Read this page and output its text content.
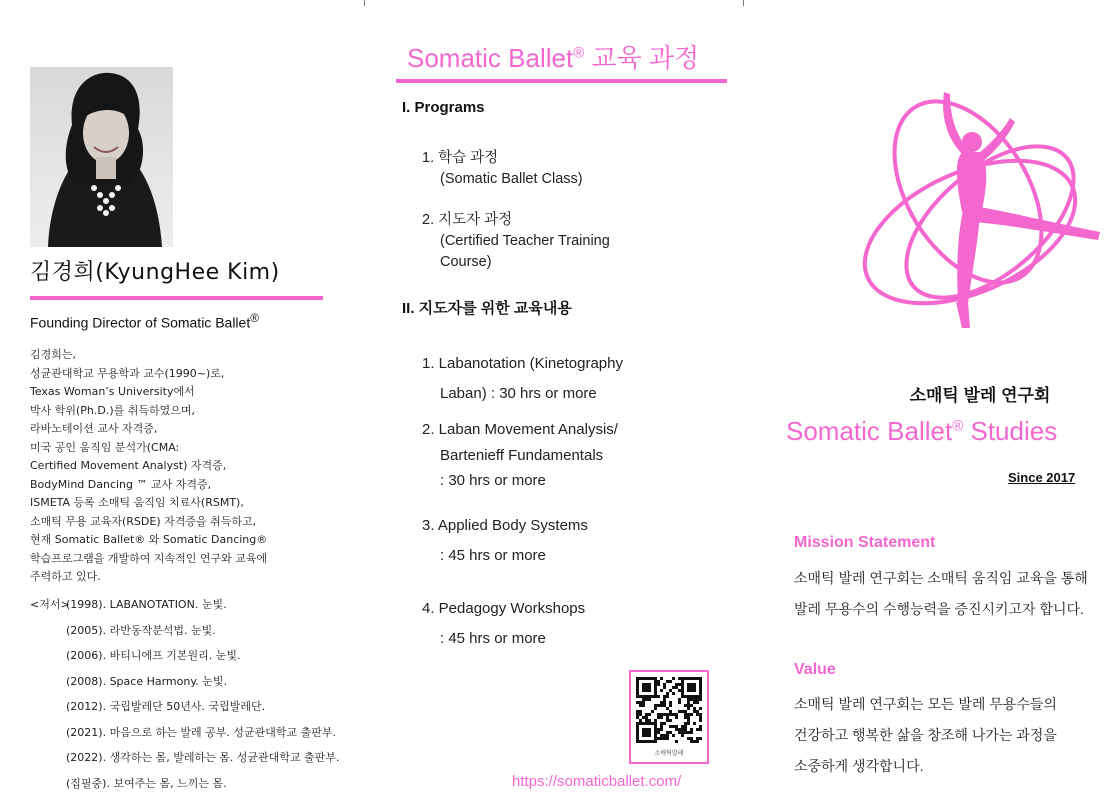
김경희(KyungHee Kim)
Founding Director of Somatic Ballet®
김경희는,
성균관대학교 무용학과 교수(1990~)로,
Texas Woman’s University에서
박사 학위(Ph.D.)를 취득하였으며,
라바노테이션 교사 자격증,
미국 공인 움직임 분석가(CMA:
Certified Movement Analyst) 자격증,
BodyMind Dancing ™ 교사 자격증,
ISMETA 등록 소매틱 움직임 치료사(RSMT),
소매틱 무용 교육자(RSDE) 자격증을 취득하고,
현재 Somatic Ballet® 와 Somatic Dancing®
학습프로그램을 개발하여 지속적인 연구와 교육에
주력하고 있다.
<저서>
(1998). LABANOTATION. 눈빛.
(2005). 라반동작분석법. 눈빛.
(2006). 바티니에프 기본원리. 눈빛.
(2008). Space Harmony. 눈빛.
(2012). 국립발레단 50년사. 국립발레단.
(2021). 마음으로 하는 발레 공부. 성균관대학교 출판부.
(2022). 생각하는 몸, 발레하는 몸. 성균관대학교 출판부.
(집필중). 보여주는 몸, 느끼는 몸.
Somatic Ballet® 교육 과정
I. Programs
1. 학습 과정
(Somatic Ballet Class)
2. 지도자 과정
(Certified Teacher Training
Course)
II. 지도자를 위한 교육내용
1. Labanotation (Kinetography
Laban) : 30 hrs or more
2. Laban Movement Analysis/
Bartenieff Fundamentals
: 30 hrs or more
3. Applied Body Systems
: 45 hrs or more
4. Pedagogy Workshops
: 45 hrs or more
소매틱발레
https://somaticballet.com/
소매틱 발레 연구회
Somatic Ballet® Studies
Since 2017
Mission Statement
소매틱 발레 연구회는 소매틱 움직임 교육을 통해
발레 무용수의 수행능력을 증진시키고자 합니다.
Value
소매틱 발레 연구회는 모든 발레 무용수들의
건강하고 행복한 삶을 창조해 나가는 과정을
소중하게 생각합니다.
